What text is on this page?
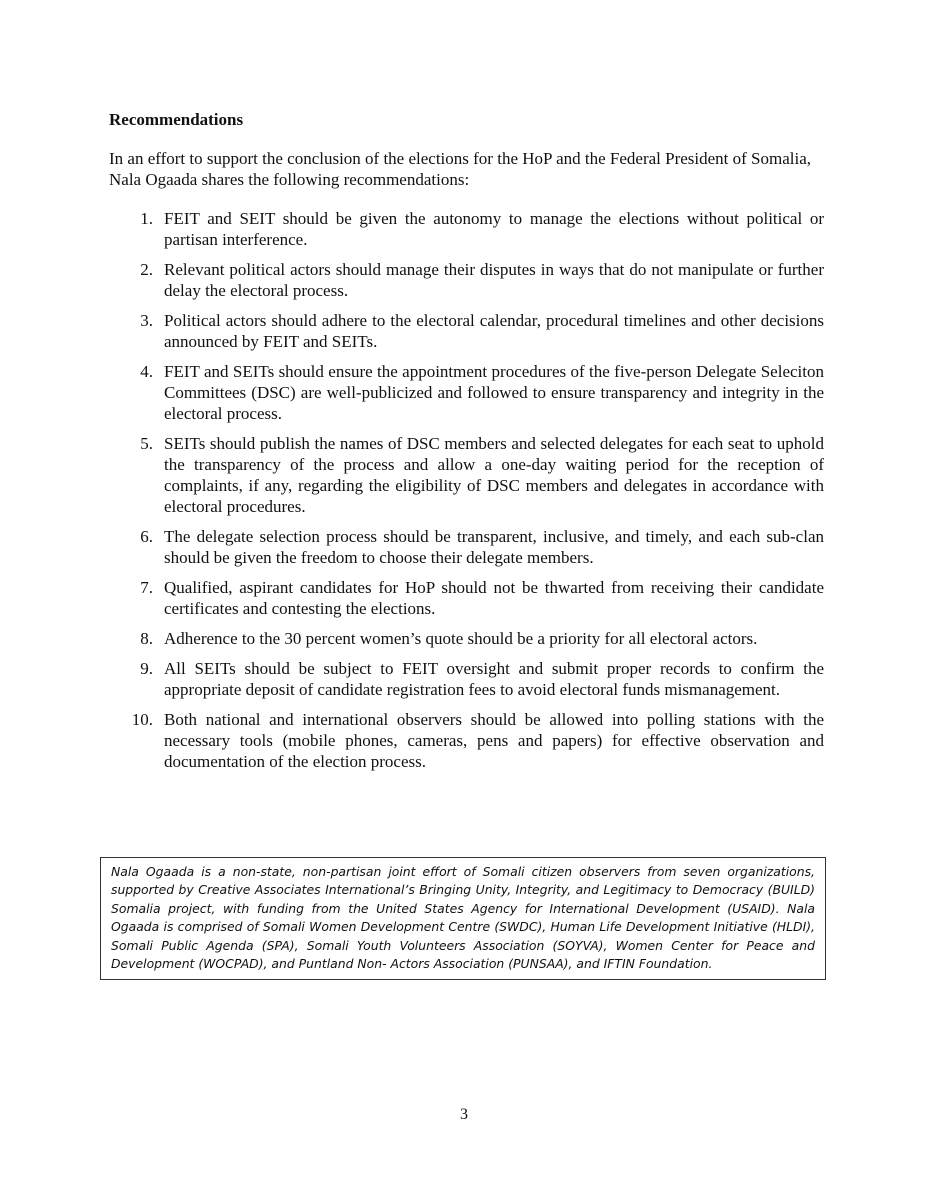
Recommendations

In an effort to support the conclusion of the elections for the HoP and the Federal President of Somalia, Nala Ogaada shares the following recommendations:

1. FEIT and SEIT should be given the autonomy to manage the elections without political or partisan interference.
2. Relevant political actors should manage their disputes in ways that do not manipulate or further delay the electoral process.
3. Political actors should adhere to the electoral calendar, procedural timelines and other decisions announced by FEIT and SEITs.
4. FEIT and SEITs should ensure the appointment procedures of the five-person Delegate Seleciton Committees (DSC) are well-publicized and followed to ensure transparency and integrity in the electoral process.
5. SEITs should publish the names of DSC members and selected delegates for each seat to uphold the transparency of the process and allow a one-day waiting period for the reception of complaints, if any, regarding the eligibility of DSC members and delegates in accordance with electoral procedures.
6. The delegate selection process should be transparent, inclusive, and timely, and each sub-clan should be given the freedom to choose their delegate members.
7. Qualified, aspirant candidates for HoP should not be thwarted from receiving their candidate certificates and contesting the elections.
8. Adherence to the 30 percent women’s quote should be a priority for all electoral actors.
9. All SEITs should be subject to FEIT oversight and submit proper records to confirm the appropriate deposit of candidate registration fees to avoid electoral funds mismanagement.
10. Both national and international observers should be allowed into polling stations with the necessary tools (mobile phones, cameras, pens and papers) for effective observation and documentation of the election process.
Nala Ogaada is a non-state, non-partisan joint effort of Somali citizen observers from seven organizations, supported by Creative Associates International’s Bringing Unity, Integrity, and Legitimacy to Democracy (BUILD) Somalia project, with funding from the United States Agency for International Development (USAID). Nala Ogaada is comprised of Somali Women Development Centre (SWDC), Human Life Development Initiative (HLDI), Somali Public Agenda (SPA), Somali Youth Volunteers Association (SOYVA), Women Center for Peace and Development (WOCPAD), and Puntland Non- Actors Association (PUNSAA), and IFTIN Foundation.
3
